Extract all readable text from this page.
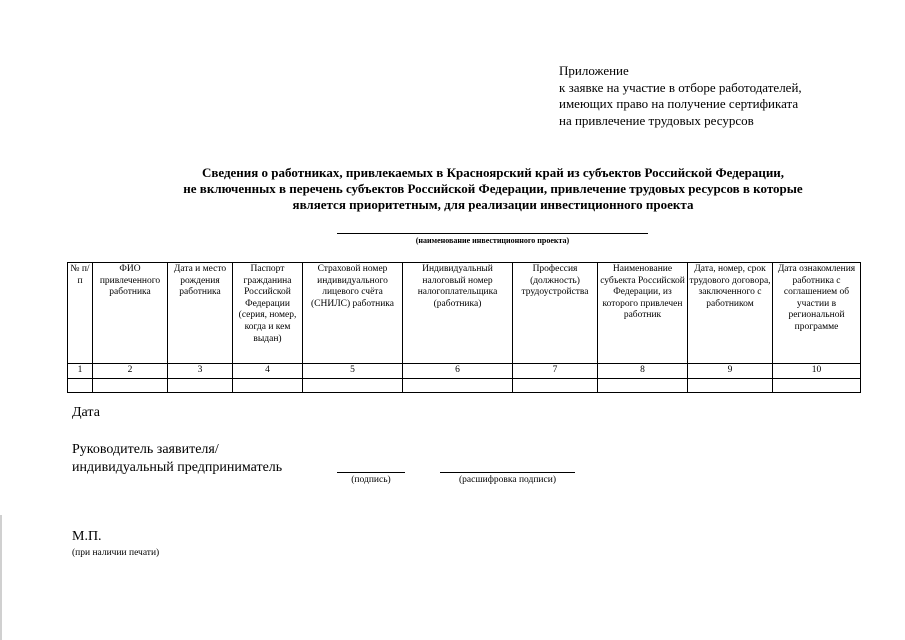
Приложение
к заявке на участие в отборе работодателей,
имеющих право на получение сертификата
на привлечение трудовых ресурсов
Сведения о работниках, привлекаемых в Красноярский край из субъектов Российской Федерации,
не включенных в перечень субъектов Российской Федерации, привлечение трудовых ресурсов в которые
является приоритетным, для реализации инвестиционного проекта
(наименование инвестиционного проекта)
№ п/п	ФИО привлеченного работника	Дата и место рождения работника	Паспорт гражданина Российской Федерации (серия, номер, когда и кем выдан)	Страховой номер индивидуального лицевого счёта (СНИЛС) работника	Индивидуальный налоговый номер налогоплательщика (работника)	Профессия (должность) трудоустройства	Наименование субъекта Российской Федерации, из которого привлечен работник	Дата, номер, срок трудового договора, заключенного с работником	Дата ознакомления работника с соглашением об участии в региональной программе
1	2	3	4	5	6	7	8	9	10

Дата
Руководитель заявителя/
индивидуальный предприниматель
(подпись)	(расшифровка подписи)
М.П.
(при наличии печати)
